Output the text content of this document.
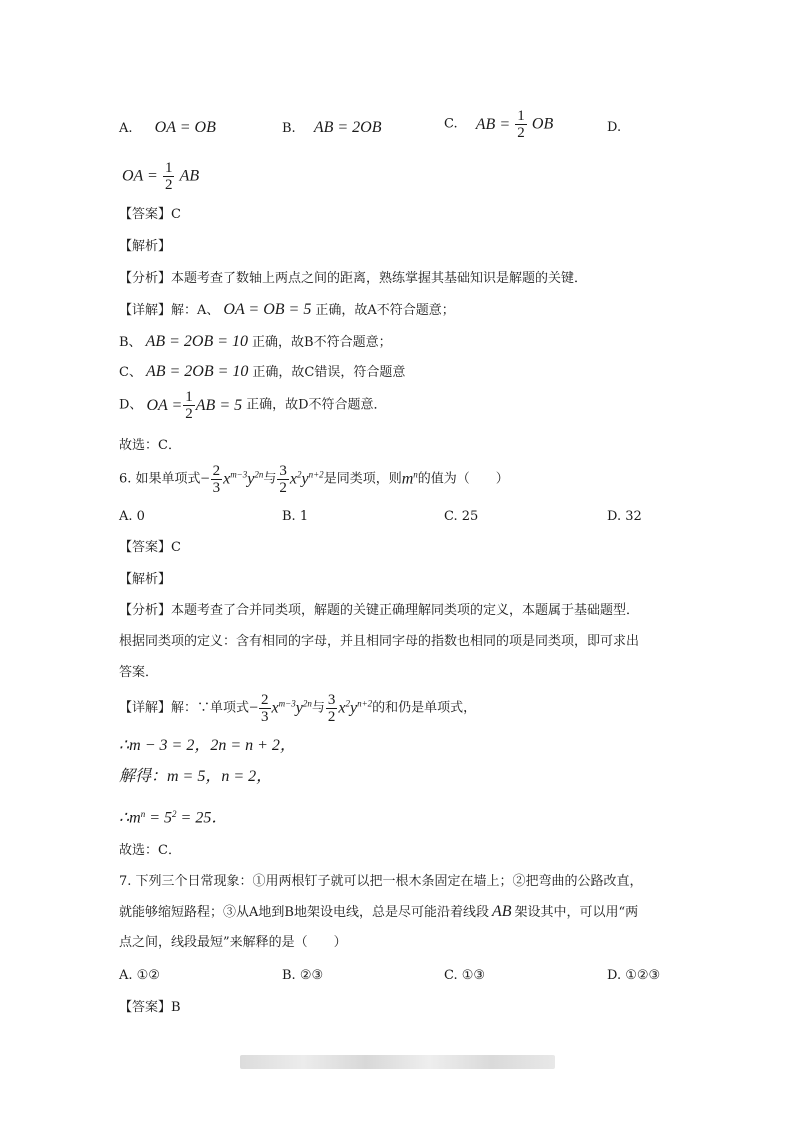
A. OA = OB	B. AB = 2OB	C. AB = $\frac{1}{2}$ OB	D.
OA = $\frac{1}{2}$ AB
【答案】C
【解析】
【分析】本题考查了数轴上两点之间的距离，熟练掌握其基础知识是解题的关键．
【详解】解：A、 OA = OB = 5 正确，故A不符合题意；
B、 AB = 2OB = 10 正确，故B不符合题意；
C、 AB = 2OB = 10 正确，故C错误，符合题意
D、 OA = $\frac{1}{2}$ AB = 5 正确，故D不符合题意．
故选：C．
6. 如果单项式− $\frac{2}{3} x^{m-3}y^{2n}$与 $\frac{3}{2} x^2y^{n+2}$是同类项，则$m^n$的值为（　　）
A. 0	B. 1	C. 25	D. 32
【答案】C
【解析】
【分析】本题考查了合并同类项，解题的关键正确理解同类项的定义，本题属于基础题型．
根据同类项的定义：含有相同的字母，并且相同字母的指数也相同的项是同类项，即可求出
答案．
【详解】解：∵单项式− $\frac{2}{3} x^{m-3}y^{2n}$与 $\frac{3}{2} x^2y^{n+2}$的和仍是单项式，
∴m − 3 = 2，2n = n + 2，
解得：m = 5，n = 2，
$\therefore m^n = 5^2 = 25$．
故选：C．
7. 下列三个日常现象：①用两根钉子就可以把一根木条固定在墙上；②把弯曲的公路改直，
就能够缩短路程；③从A地到B地架设电线，总是尽可能沿着线段 AB 架设其中，可以用“两
点之间，线段最短”来解释的是（　　）
A. ①②	B. ②③	C. ①③	D. ①②③
【答案】B
